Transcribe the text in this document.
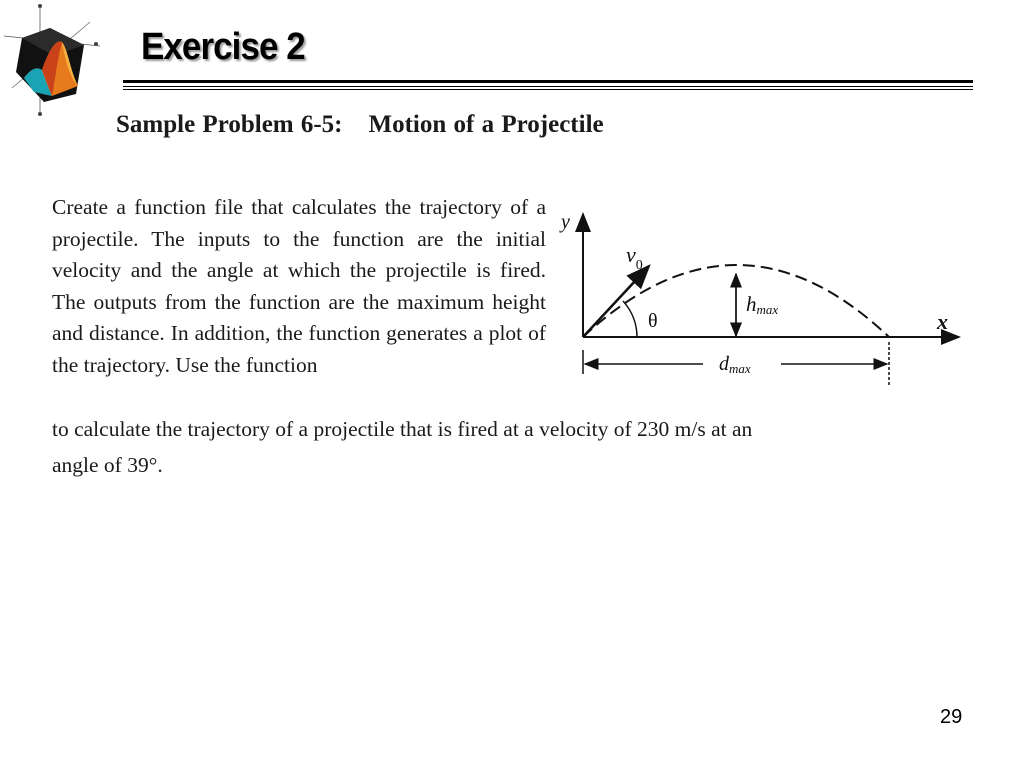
Exercise 2
Sample Problem 6-5: Motion of a Projectile
Create a function file that calculates the trajectory of a projectile. The inputs to the function are the initial velocity and the angle at which the projectile is fired. The outputs from the function are the maximum height and distance. In addition, the function generates a plot of the trajectory. Use the function
to calculate the trajectory of a projectile that is fired at a velocity of 230 m/s at an
angle of 39°.
y
x
$v_0$
θ
hmax
dmax
29
